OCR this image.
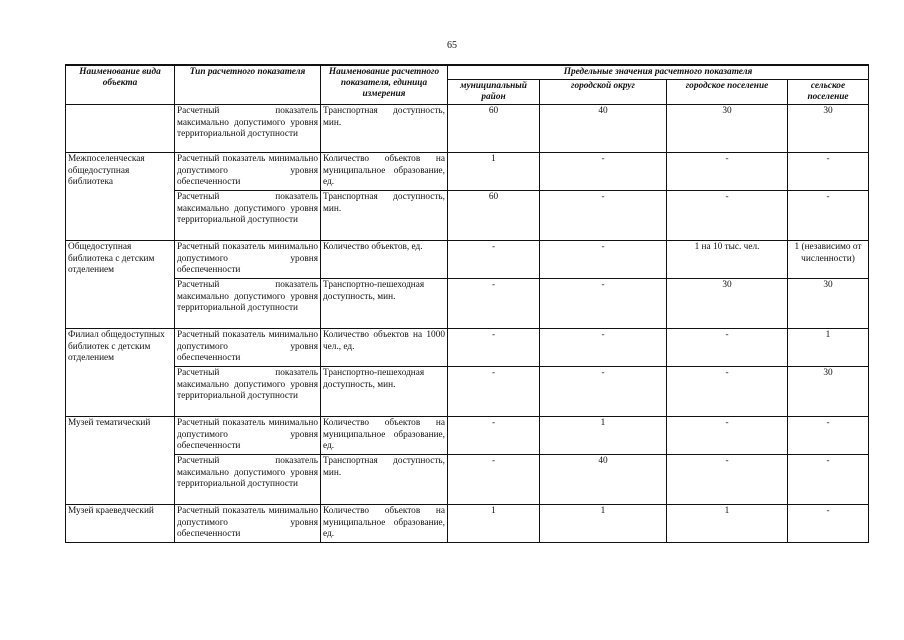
65
Наименование вида объекта	Тип расчетного показателя	Наименование расчетного показателя, единица измерения	Предельные значения расчетного показателя			
			муниципальный район	городской округ	городское поселение	сельское поселение
	Расчетный показатель максимально допустимого уровня территориальной доступности	Транспортная доступность, мин.	60	40	30	30
Межпоселенческая общедоступная библиотека	Расчетный показатель минимально допустимого уровня обеспеченности	Количество объектов на муниципальное образование, ед.	1	-	-	-
	Расчетный показатель максимально допустимого уровня территориальной доступности	Транспортная доступность, мин.	60	-	-	-
Общедоступная библиотека с детским отделением	Расчетный показатель минимально допустимого уровня обеспеченности	Количество объектов, ед.	-	-	1 на 10 тыс. чел.	1 (независимо от численности)
	Расчетный показатель максимально допустимого уровня территориальной доступности	Транспортно-пешеходная доступность, мин.	-	-	30	30
Филиал общедоступных библиотек с детским отделением	Расчетный показатель минимально допустимого уровня обеспеченности	Количество объектов на 1000 чел., ед.	-	-	-	1
	Расчетный показатель максимально допустимого уровня территориальной доступности	Транспортно-пешеходная доступность, мин.	-	-	-	30
Музей тематический	Расчетный показатель минимально допустимого уровня обеспеченности	Количество объектов на муниципальное образование, ед.	-	1	-	-
	Расчетный показатель максимально допустимого уровня территориальной доступности	Транспортная доступность, мин.	-	40	-	-
Музей краеведческий	Расчетный показатель минимально допустимого уровня обеспеченности	Количество объектов на муниципальное образование, ед.	1	1	1	-
